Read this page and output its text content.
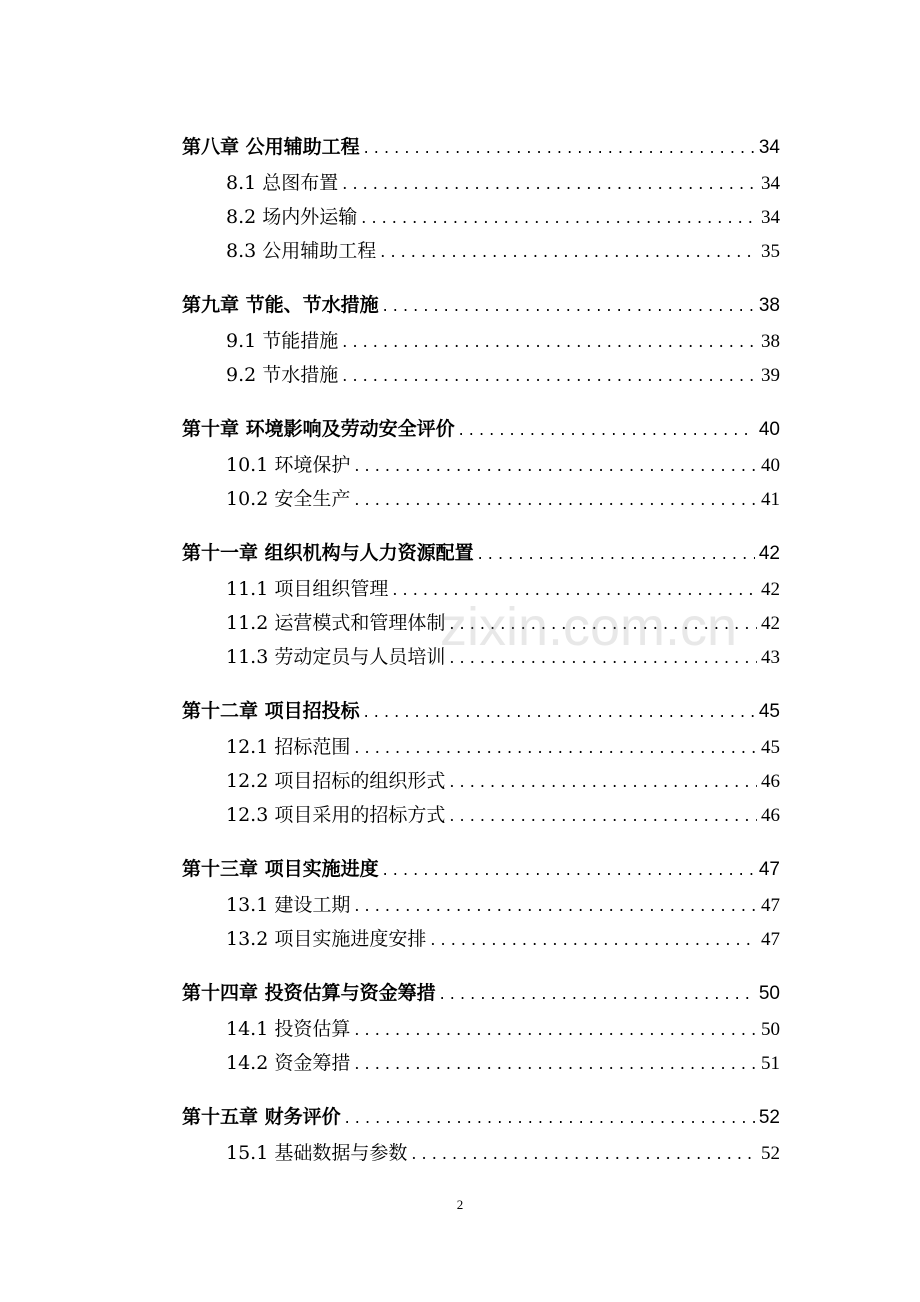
第八章 公用辅助工程 . . .	34
8.1 总图布置 . . .	34
8.2 场内外运输 . . .	34
8.3 公用辅助工程 . . .	35
第九章 节能、节水措施 . . .	38
9.1 节能措施 . . .	38
9.2 节水措施 . . .	39
第十章 环境影响及劳动安全评价 . . .	40
10.1 环境保护 . . .	40
10.2 安全生产 . . .	41
第十一章 组织机构与人力资源配置 . . .	42
11.1 项目组织管理 . . .	42
11.2 运营模式和管理体制 . . .	42
11.3 劳动定员与人员培训 . . .	43
第十二章 项目招投标 . . .	45
12.1 招标范围 . . .	45
12.2 项目招标的组织形式 . . .	46
12.3 项目采用的招标方式 . . .	46
第十三章 项目实施进度 . . .	47
13.1 建设工期 . . .	47
13.2 项目实施进度安排 . . .	47
第十四章 投资估算与资金筹措 . . .	50
14.1 投资估算 . . .	50
14.2 资金筹措 . . .	51
第十五章 财务评价 . . .	52
15.1 基础数据与参数 . . .	52
zixin.com.cn
2
